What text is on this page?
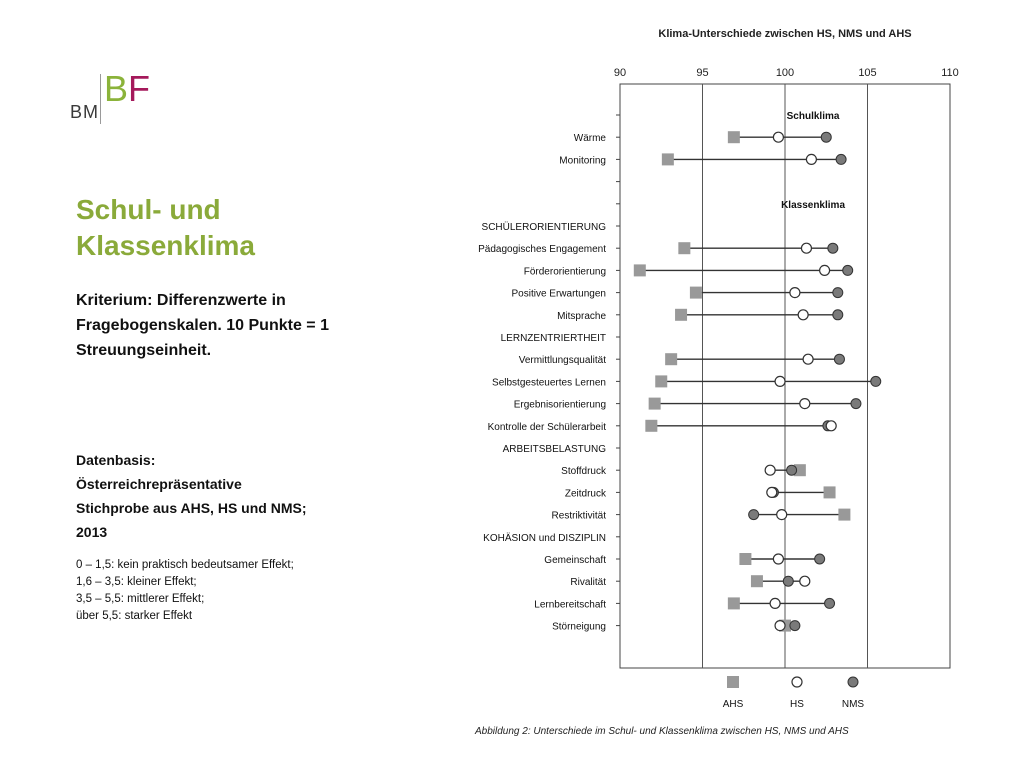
BM
B F
Schul- und
Klassenklima

Kriterium: Differenzwerte in
Fragebogenskalen. 10 Punkte = 1
Streuungseinheit.

Datenbasis:
Österreichrepräsentative
Stichprobe aus AHS, HS und NMS;
2013

0 – 1,5: kein praktisch bedeutsamer Effekt;
1,6 – 3,5: kleiner Effekt;
3,5 – 5,5: mittlerer Effekt;
über 5,5: starker Effekt
Klima-Unterschiede zwischen HS, NMS und AHS
90	95	100	105	110
Schulklima
Wärme
Monitoring
Klassenklima
SCHÜLERORIENTIERUNG
Pädagogisches Engagement
Förderorientierung
Positive Erwartungen
Mitsprache
LERNZENTRIERTHEIT
Vermittlungsqualität
Selbstgesteuertes Lernen
Ergebnisorientierung
Kontrolle der Schülerarbeit
ARBEITSBELASTUNG
Stoffdruck
Zeitdruck
Restriktivität
KOHÄSION und DISZIPLIN
Gemeinschaft
Rivalität
Lernbereitschaft
Störneigung
AHS	HS	NMS
Abbildung 2: Unterschiede im Schul- und Klassenklima zwischen HS, NMS und AHS
